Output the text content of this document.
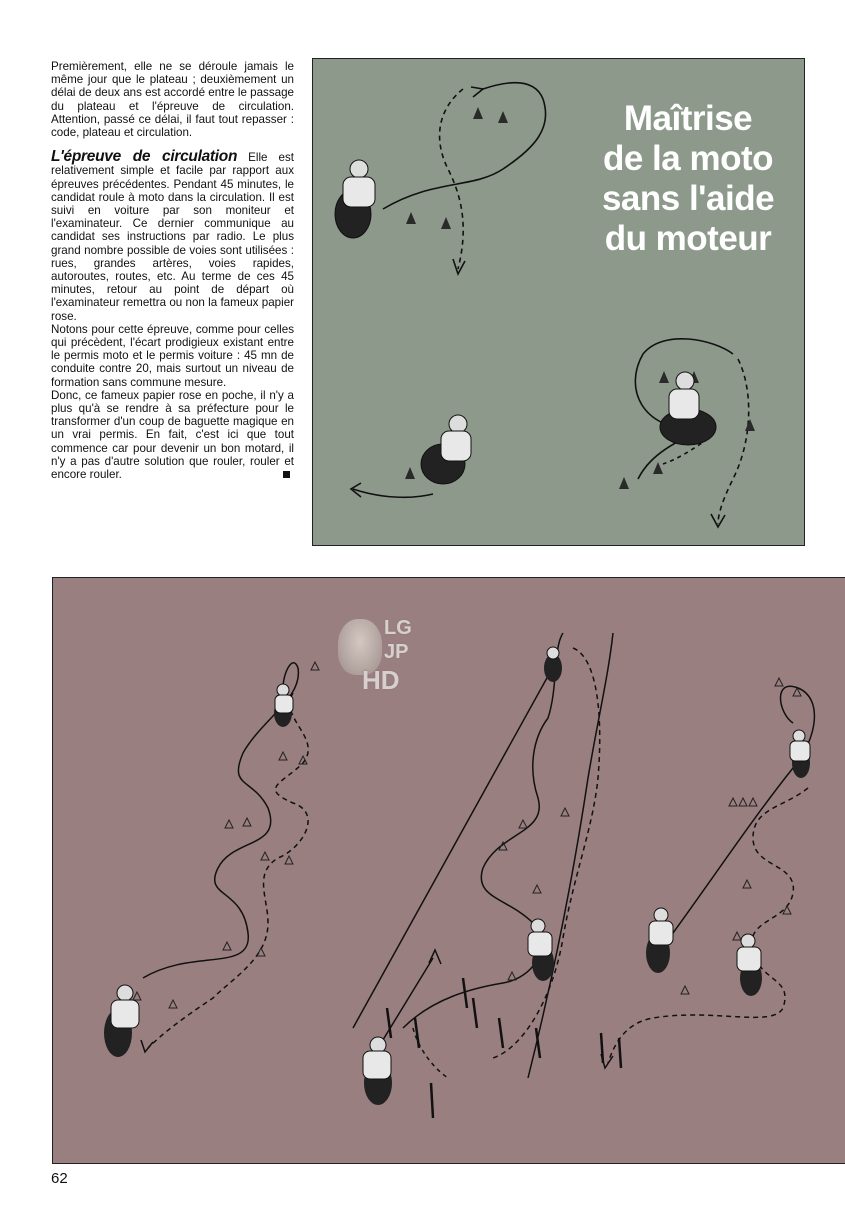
Premièrement, elle ne se déroule jamais le même jour que le plateau ; deuxièmement un délai de deux ans est accordé entre le passage du plateau et l'épreuve de circulation. Attention, passé ce délai, il faut tout repasser : code, plateau et circulation.

L'épreuve de circulation Elle est relativement simple et facile par rapport aux épreuves précédentes. Pendant 45 minutes, le candidat roule à moto dans la circulation. Il est suivi en voiture par son moniteur et l'examinateur. Ce dernier communique au candidat ses instructions par radio. Le plus grand nombre possible de voies sont utilisées : rues, grandes artères, voies rapides, autoroutes, routes, etc. Au terme de ces 45 minutes, retour au point de départ où l'examinateur remettra ou non la fameux papier rose.

Notons pour cette épreuve, comme pour celles qui précèdent, l'écart prodigieux existant entre le permis moto et le permis voiture : 45 mn de conduite contre 20, mais surtout un niveau de formation sans commune mesure.

Donc, ce fameux papier rose en poche, il n'y a plus qu'à se rendre à sa préfecture pour le transformer d'un coup de baguette magique en un vrai permis. En fait, c'est ici que tout commence car pour devenir un bon motard, il n'y a pas d'autre solution que rouler, rouler et encore rouler.

Maîtrise
de la moto
sans l'aide
du moteur
LG
JP
HD
62
